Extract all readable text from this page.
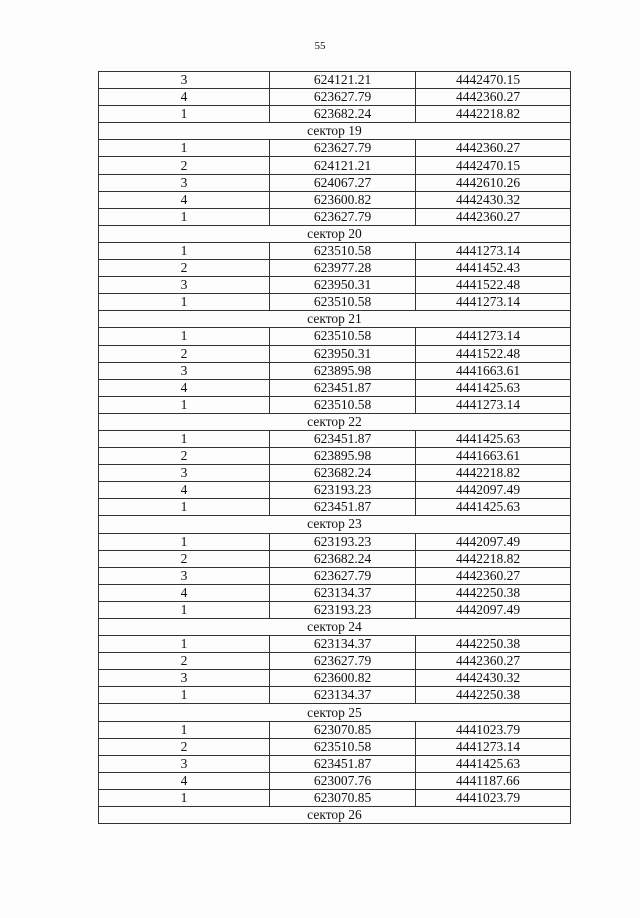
55
3	624121.21	4442470.15
4	623627.79	4442360.27
1	623682.24	4442218.82
сектор 19		
1	623627.79	4442360.27
2	624121.21	4442470.15
3	624067.27	4442610.26
4	623600.82	4442430.32
1	623627.79	4442360.27
сектор 20		
1	623510.58	4441273.14
2	623977.28	4441452.43
3	623950.31	4441522.48
1	623510.58	4441273.14
сектор 21		
1	623510.58	4441273.14
2	623950.31	4441522.48
3	623895.98	4441663.61
4	623451.87	4441425.63
1	623510.58	4441273.14
сектор 22		
1	623451.87	4441425.63
2	623895.98	4441663.61
3	623682.24	4442218.82
4	623193.23	4442097.49
1	623451.87	4441425.63
сектор 23		
1	623193.23	4442097.49
2	623682.24	4442218.82
3	623627.79	4442360.27
4	623134.37	4442250.38
1	623193.23	4442097.49
сектор 24		
1	623134.37	4442250.38
2	623627.79	4442360.27
3	623600.82	4442430.32
1	623134.37	4442250.38
сектор 25		
1	623070.85	4441023.79
2	623510.58	4441273.14
3	623451.87	4441425.63
4	623007.76	4441187.66
1	623070.85	4441023.79
сектор 26		
